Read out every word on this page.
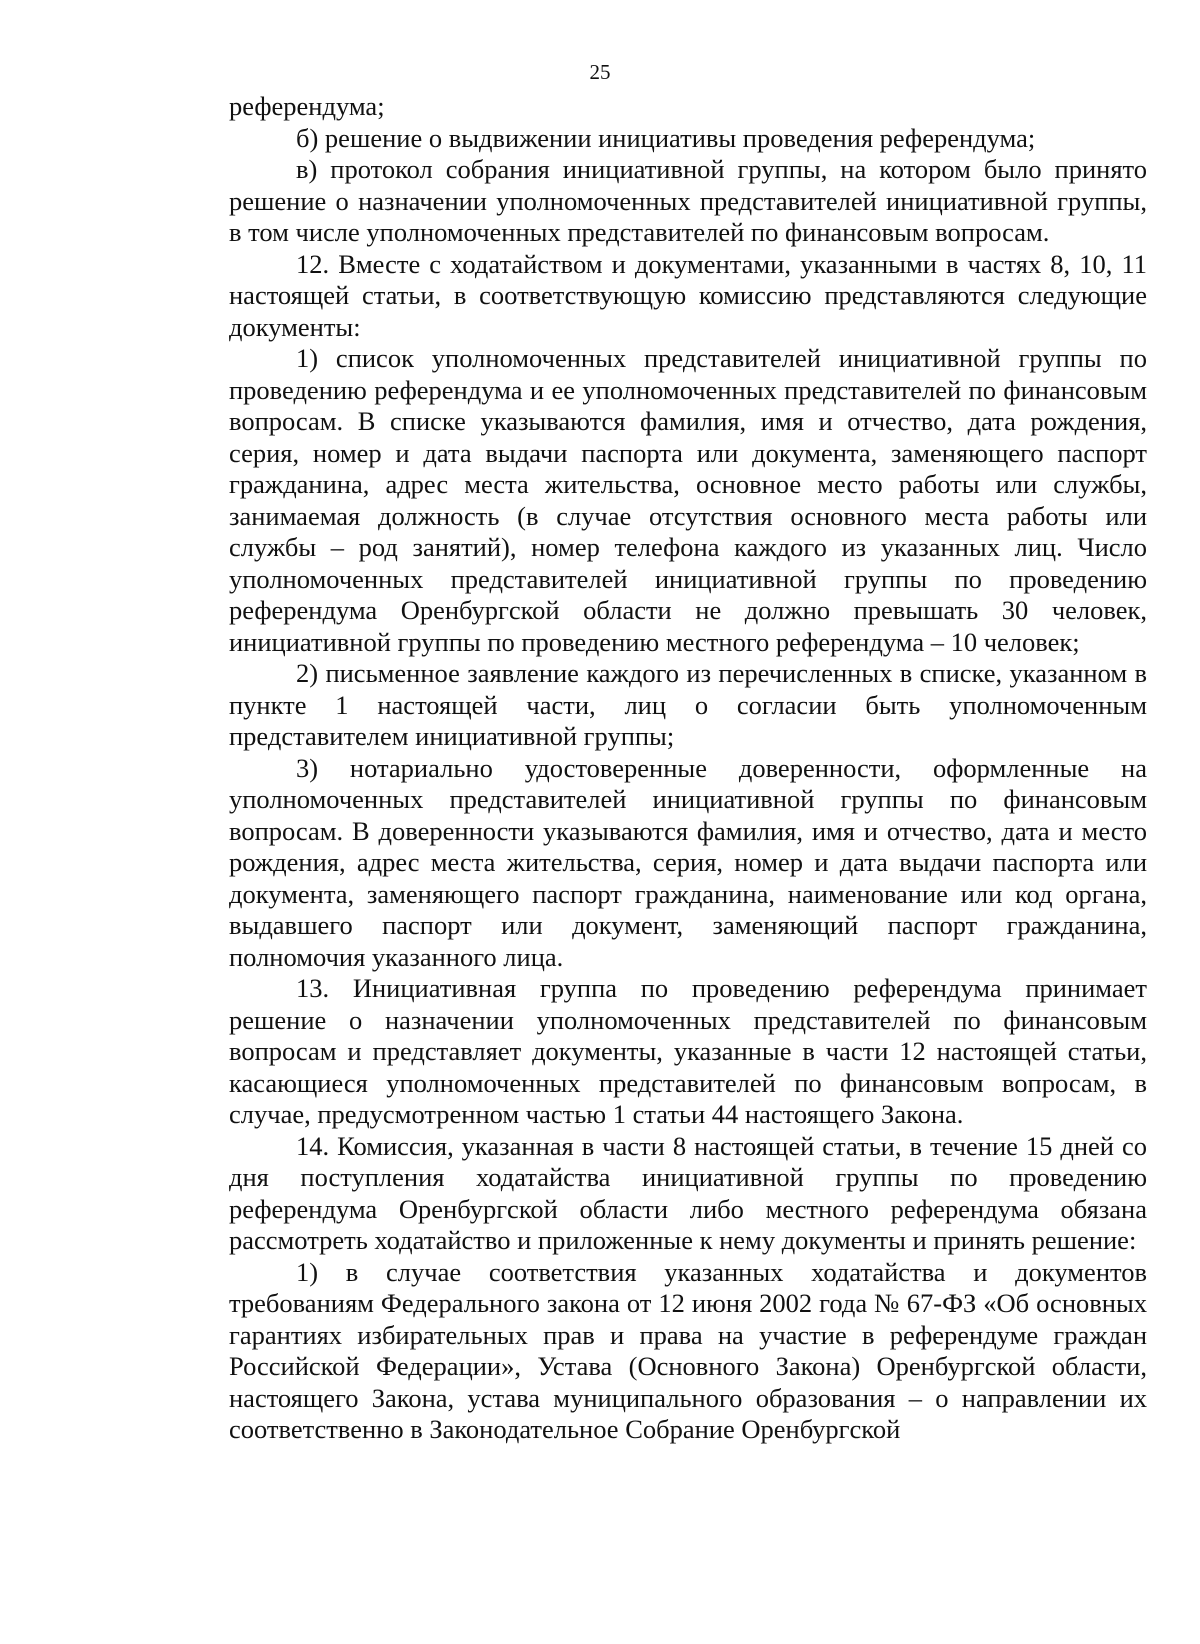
25

референдума;

б) решение о выдвижении инициативы проведения референдума;

в) протокол собрания инициативной группы, на котором было принято решение о назначении уполномоченных представителей инициативной группы, в том числе уполномоченных представителей по финансовым вопросам.

12. Вместе с ходатайством и документами, указанными в частях 8, 10, 11 настоящей статьи, в соответствующую комиссию представляются следующие документы:

1) список уполномоченных представителей инициативной группы по проведению референдума и ее уполномоченных представителей по финансовым вопросам. В списке указываются фамилия, имя и отчество, дата рождения, серия, номер и дата выдачи паспорта или документа, заменяющего паспорт гражданина, адрес места жительства, основное место работы или службы, занимаемая должность (в случае отсутствия основного места работы или службы – род занятий), номер телефона каждого из указанных лиц. Число уполномоченных представителей инициативной группы по проведению референдума Оренбургской области не должно превышать 30 человек, инициативной группы по проведению местного референдума – 10 человек;

2) письменное заявление каждого из перечисленных в списке, указанном в пункте 1 настоящей части, лиц о согласии быть уполномоченным представителем инициативной группы;

3) нотариально удостоверенные доверенности, оформленные на уполномоченных представителей инициативной группы по финансовым вопросам. В доверенности указываются фамилия, имя и отчество, дата и место рождения, адрес места жительства, серия, номер и дата выдачи паспорта или документа, заменяющего паспорт гражданина, наименование или код органа, выдавшего паспорт или документ, заменяющий паспорт гражданина, полномочия указанного лица.

13. Инициативная группа по проведению референдума принимает решение о назначении уполномоченных представителей по финансовым вопросам и представляет документы, указанные в части 12 настоящей статьи, касающиеся уполномоченных представителей по финансовым вопросам, в случае, предусмотренном частью 1 статьи 44 настоящего Закона.

14. Комиссия, указанная в части 8 настоящей статьи, в течение 15 дней со дня поступления ходатайства инициативной группы по проведению референдума Оренбургской области либо местного референдума обязана рассмотреть ходатайство и приложенные к нему документы и принять решение:

1) в случае соответствия указанных ходатайства и документов требованиям Федерального закона от 12 июня 2002 года № 67-ФЗ «Об основных гарантиях избирательных прав и права на участие в референдуме граждан Российской Федерации», Устава (Основного Закона) Оренбургской области, настоящего Закона, устава муниципального образования – о направлении их соответственно в Законодательное Собрание Оренбургской
